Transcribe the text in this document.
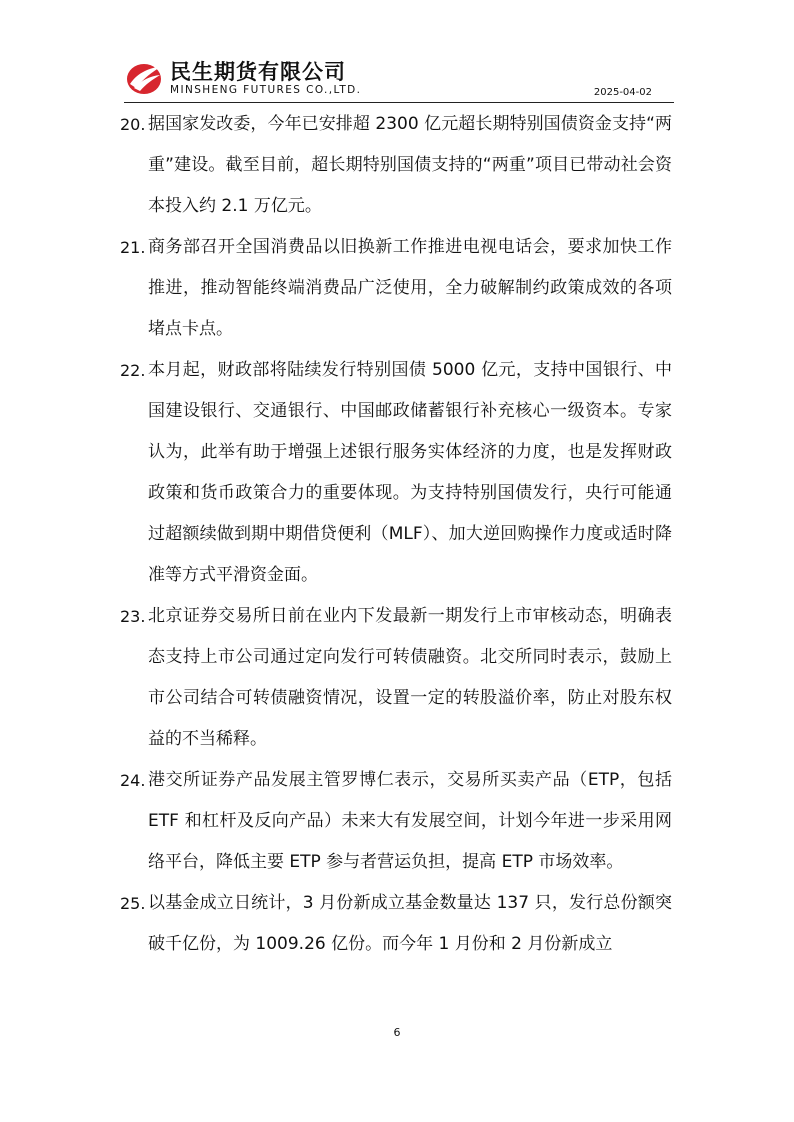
民生期货有限公司
MINSHENG FUTURES CO.,LTD.	2025-04-02

20. 据国家发改委，今年已安排超 2300 亿元超长期特别国债资金支持“两重”建设。截至目前，超长期特别国债支持的“两重”项目已带动社会资本投入约 2.1 万亿元。

21. 商务部召开全国消费品以旧换新工作推进电视电话会，要求加快工作推进，推动智能终端消费品广泛使用，全力破解制约政策成效的各项堵点卡点。

22. 本月起，财政部将陆续发行特别国债 5000 亿元，支持中国银行、中国建设银行、交通银行、中国邮政储蓄银行补充核心一级资本。专家认为，此举有助于增强上述银行服务实体经济的力度，也是发挥财政政策和货币政策合力的重要体现。为支持特别国债发行，央行可能通过超额续做到期中期借贷便利（MLF）、加大逆回购操作力度或适时降准等方式平滑资金面。

23. 北京证券交易所日前在业内下发最新一期发行上市审核动态，明确表态支持上市公司通过定向发行可转债融资。北交所同时表示，鼓励上市公司结合可转债融资情况，设置一定的转股溢价率，防止对股东权益的不当稀释。

24. 港交所证券产品发展主管罗博仁表示，交易所买卖产品（ETP，包括 ETF 和杠杆及反向产品）未来大有发展空间，计划今年进一步采用网络平台，降低主要 ETP 参与者营运负担，提高 ETP 市场效率。

25. 以基金成立日统计，3 月份新成立基金数量达 137 只，发行总份额突破千亿份，为 1009.26 亿份。而今年 1 月份和 2 月份新成立

6
